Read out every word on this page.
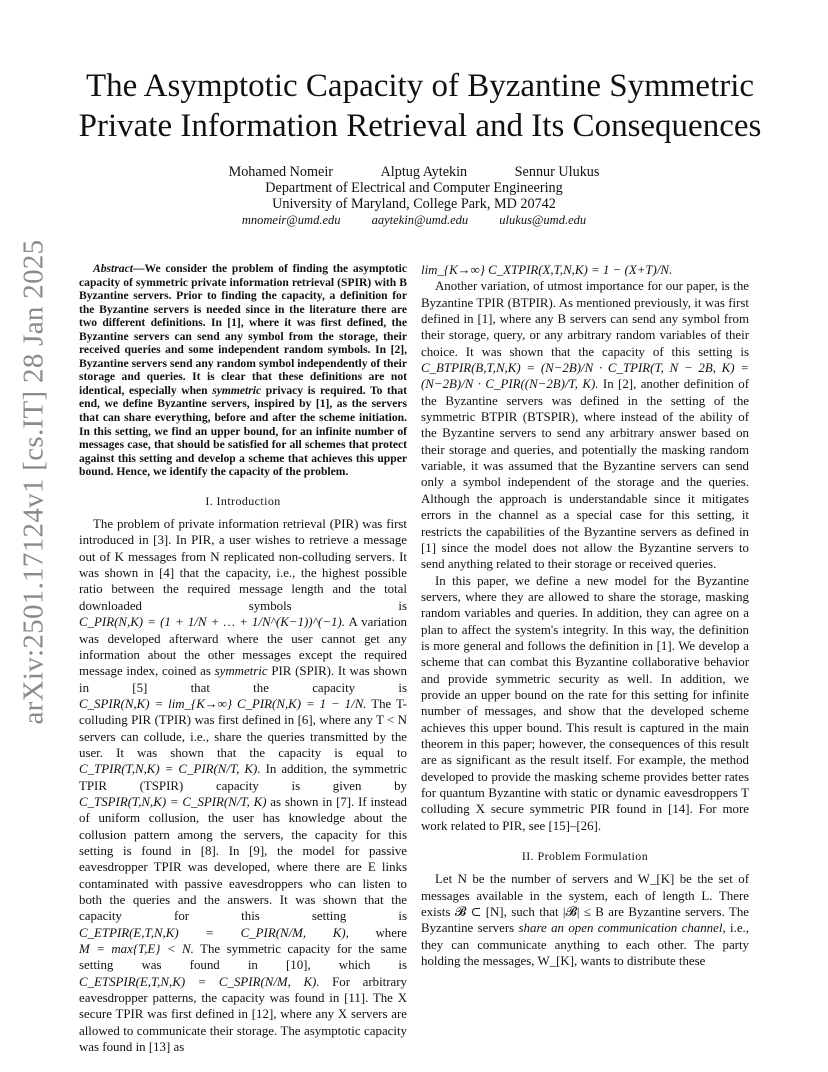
arXiv:2501.17124v1 [cs.IT] 28 Jan 2025
The Asymptotic Capacity of Byzantine Symmetric Private Information Retrieval and Its Consequences
Mohamed Nomeir	Alptug Aytekin	Sennur Ulukus
Department of Electrical and Computer Engineering
University of Maryland, College Park, MD 20742
mnomeir@umd.edu aaytekin@umd.edu ulukus@umd.edu

Abstract—We consider the problem of finding the asymptotic capacity of symmetric private information retrieval (SPIR) with B Byzantine servers. Prior to finding the capacity, a definition for the Byzantine servers is needed since in the literature there are two different definitions. In [1], where it was first defined, the Byzantine servers can send any symbol from the storage, their received queries and some independent random symbols. In [2], Byzantine servers send any random symbol independently of their storage and queries. It is clear that these definitions are not identical, especially when symmetric privacy is required. To that end, we define Byzantine servers, inspired by [1], as the servers that can share everything, before and after the scheme initiation. In this setting, we find an upper bound, for an infinite number of messages case, that should be satisfied for all schemes that protect against this setting and develop a scheme that achieves this upper bound. Hence, we identify the capacity of the problem.

I. Introduction

The problem of private information retrieval (PIR) was first introduced in [3]. In PIR, a user wishes to retrieve a message out of K messages from N replicated non-colluding servers. It was shown in [4] that the capacity, i.e., the highest possible ratio between the required message length and the total downloaded symbols is C_PIR(N,K) = (1 + 1/N + … + 1/N^(K−1))^(−1). A variation was developed afterward where the user cannot get any information about the other messages except the required message index, coined as symmetric PIR (SPIR). It was shown in [5] that the capacity is C_SPIR(N,K) = lim_{K→∞} C_PIR(N,K) = 1 − 1/N. The T-colluding PIR (TPIR) was first defined in [6], where any T < N servers can collude, i.e., share the queries transmitted by the user. It was shown that the capacity is equal to C_TPIR(T,N,K) = C_PIR(N/T, K). In addition, the symmetric TPIR (TSPIR) capacity is given by C_TSPIR(T,N,K) = C_SPIR(N/T, K) as shown in [7]. If instead of uniform collusion, the user has knowledge about the collusion pattern among the servers, the capacity for this setting is found in [8]. In [9], the model for passive eavesdropper TPIR was developed, where there are E links contaminated with passive eavesdroppers who can listen to both the queries and the answers. It was shown that the capacity for this setting is C_ETPIR(E,T,N,K) = C_PIR(N/M, K), where M = max{T,E} < N. The symmetric capacity for the same setting was found in [10], which is C_ETSPIR(E,T,N,K) = C_SPIR(N/M, K). For arbitrary eavesdropper patterns, the capacity was found in [11]. The X secure TPIR was first defined in [12], where any X servers are allowed to communicate their storage. The asymptotic capacity was found in [13] as

lim_{K→∞} C_XTPIR(X,T,N,K) = 1 − (X+T)/N.

Another variation, of utmost importance for our paper, is the Byzantine TPIR (BTPIR). As mentioned previously, it was first defined in [1], where any B servers can send any symbol from their storage, query, or any arbitrary random variables of their choice. It was shown that the capacity of this setting is C_BTPIR(B,T,N,K) = (N−2B)/N · C_TPIR(T, N − 2B, K) = (N−2B)/N · C_PIR((N−2B)/T, K). In [2], another definition of the Byzantine servers was defined in the setting of the symmetric BTPIR (BTSPIR), where instead of the ability of the Byzantine servers to send any arbitrary answer based on their storage and queries, and potentially the masking random variable, it was assumed that the Byzantine servers can send only a symbol independent of the storage and the queries. Although the approach is understandable since it mitigates errors in the channel as a special case for this setting, it restricts the capabilities of the Byzantine servers as defined in [1] since the model does not allow the Byzantine servers to send anything related to their storage or received queries.

In this paper, we define a new model for the Byzantine servers, where they are allowed to share the storage, masking random variables and queries. In addition, they can agree on a plan to affect the system's integrity. In this way, the definition is more general and follows the definition in [1]. We develop a scheme that can combat this Byzantine collaborative behavior and provide symmetric security as well. In addition, we provide an upper bound on the rate for this setting for infinite number of messages, and show that the developed scheme achieves this upper bound. This result is captured in the main theorem in this paper; however, the consequences of this result are as significant as the result itself. For example, the method developed to provide the masking scheme provides better rates for quantum Byzantine with static or dynamic eavesdroppers T colluding X secure symmetric PIR found in [14]. For more work related to PIR, see [15]–[26].

II. Problem Formulation

Let N be the number of servers and W_[K] be the set of messages available in the system, each of length L. There exists 𝓑 ⊂ [N], such that |𝓑| ≤ B are Byzantine servers. The Byzantine servers share an open communication channel, i.e., they can communicate anything to each other. The party holding the messages, W_[K], wants to distribute these
